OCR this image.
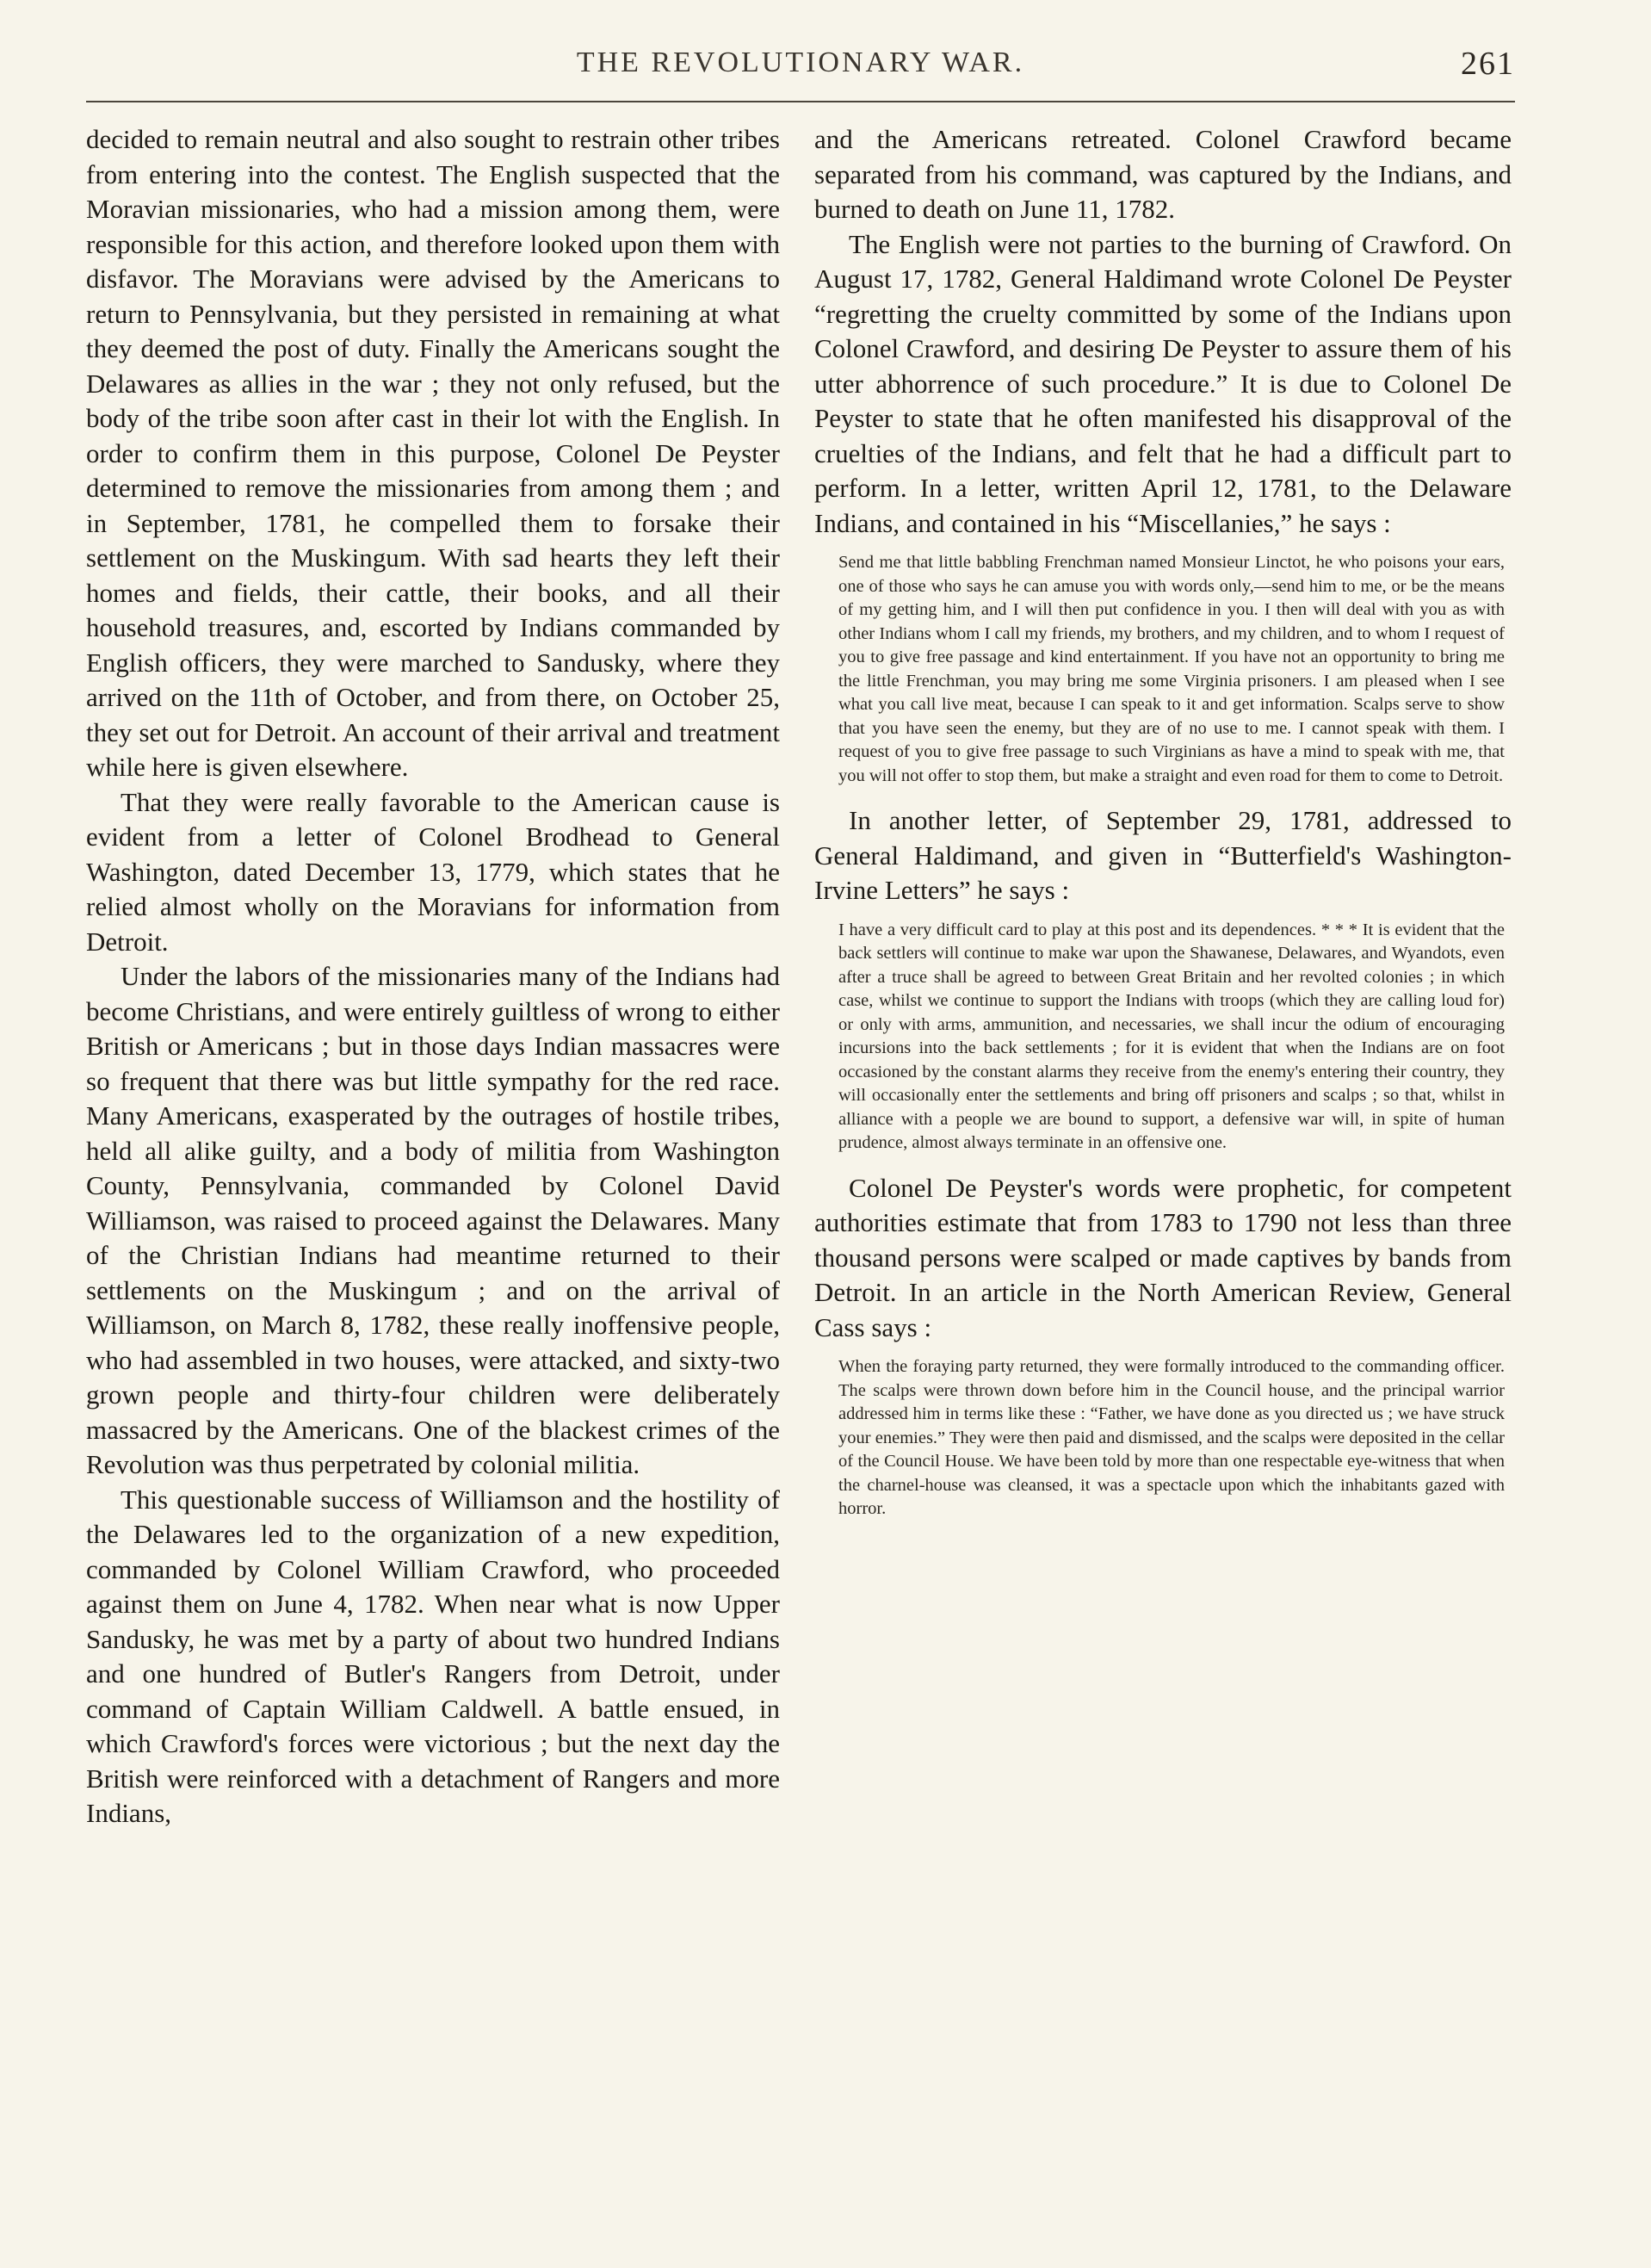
THE REVOLUTIONARY WAR.	261

decided to remain neutral and also sought to restrain other tribes from entering into the contest. The English suspected that the Moravian missionaries, who had a mission among them, were responsible for this action, and therefore looked upon them with disfavor. The Moravians were advised by the Americans to return to Pennsylvania, but they persisted in remaining at what they deemed the post of duty. Finally the Americans sought the Delawares as allies in the war ; they not only refused, but the body of the tribe soon after cast in their lot with the English. In order to confirm them in this purpose, Colonel De Peyster determined to remove the missionaries from among them ; and in September, 1781, he compelled them to forsake their settlement on the Muskingum. With sad hearts they left their homes and fields, their cattle, their books, and all their household treasures, and, escorted by Indians commanded by English officers, they were marched to Sandusky, where they arrived on the 11th of October, and from there, on October 25, they set out for Detroit. An account of their arrival and treatment while here is given elsewhere.

That they were really favorable to the American cause is evident from a letter of Colonel Brodhead to General Washington, dated December 13, 1779, which states that he relied almost wholly on the Moravians for information from Detroit.

Under the labors of the missionaries many of the Indians had become Christians, and were entirely guiltless of wrong to either British or Americans ; but in those days Indian massacres were so frequent that there was but little sympathy for the red race. Many Americans, exasperated by the outrages of hostile tribes, held all alike guilty, and a body of militia from Washington County, Pennsylvania, commanded by Colonel David Williamson, was raised to proceed against the Delawares. Many of the Christian Indians had meantime returned to their settlements on the Muskingum ; and on the arrival of Williamson, on March 8, 1782, these really inoffensive people, who had assembled in two houses, were attacked, and sixty-two grown people and thirty-four children were deliberately massacred by the Americans. One of the blackest crimes of the Revolution was thus perpetrated by colonial militia.

This questionable success of Williamson and the hostility of the Delawares led to the organization of a new expedition, commanded by Colonel William Crawford, who proceeded against them on June 4, 1782. When near what is now Upper Sandusky, he was met by a party of about two hundred Indians and one hundred of Butler's Rangers from Detroit, under command of Captain William Caldwell. A battle ensued, in which Crawford's forces were victorious ; but the next day the British were reinforced with a detachment of Rangers and more Indians,

and the Americans retreated. Colonel Crawford became separated from his command, was captured by the Indians, and burned to death on June 11, 1782.

The English were not parties to the burning of Crawford. On August 17, 1782, General Haldimand wrote Colonel De Peyster “regretting the cruelty committed by some of the Indians upon Colonel Crawford, and desiring De Peyster to assure them of his utter abhorrence of such procedure.” It is due to Colonel De Peyster to state that he often manifested his disapproval of the cruelties of the Indians, and felt that he had a difficult part to perform. In a letter, written April 12, 1781, to the Delaware Indians, and contained in his “Miscellanies,” he says :

Send me that little babbling Frenchman named Monsieur Linctot, he who poisons your ears, one of those who says he can amuse you with words only,—send him to me, or be the means of my getting him, and I will then put confidence in you. I then will deal with you as with other Indians whom I call my friends, my brothers, and my children, and to whom I request of you to give free passage and kind entertainment. If you have not an opportunity to bring me the little Frenchman, you may bring me some Virginia prisoners. I am pleased when I see what you call live meat, because I can speak to it and get information. Scalps serve to show that you have seen the enemy, but they are of no use to me. I cannot speak with them. I request of you to give free passage to such Virginians as have a mind to speak with me, that you will not offer to stop them, but make a straight and even road for them to come to Detroit.

In another letter, of September 29, 1781, addressed to General Haldimand, and given in “Butterfield's Washington-Irvine Letters” he says :

I have a very difficult card to play at this post and its dependences. * * * It is evident that the back settlers will continue to make war upon the Shawanese, Delawares, and Wyandots, even after a truce shall be agreed to between Great Britain and her revolted colonies ; in which case, whilst we continue to support the Indians with troops (which they are calling loud for) or only with arms, ammunition, and necessaries, we shall incur the odium of encouraging incursions into the back settlements ; for it is evident that when the Indians are on foot occasioned by the constant alarms they receive from the enemy's entering their country, they will occasionally enter the settlements and bring off prisoners and scalps ; so that, whilst in alliance with a people we are bound to support, a defensive war will, in spite of human prudence, almost always terminate in an offensive one.

Colonel De Peyster's words were prophetic, for competent authorities estimate that from 1783 to 1790 not less than three thousand persons were scalped or made captives by bands from Detroit. In an article in the North American Review, General Cass says :

When the foraying party returned, they were formally introduced to the commanding officer. The scalps were thrown down before him in the Council house, and the principal warrior addressed him in terms like these : “Father, we have done as you directed us ; we have struck your enemies.” They were then paid and dismissed, and the scalps were deposited in the cellar of the Council House. We have been told by more than one respectable eye-witness that when the charnel-house was cleansed, it was a spectacle upon which the inhabitants gazed with horror.
